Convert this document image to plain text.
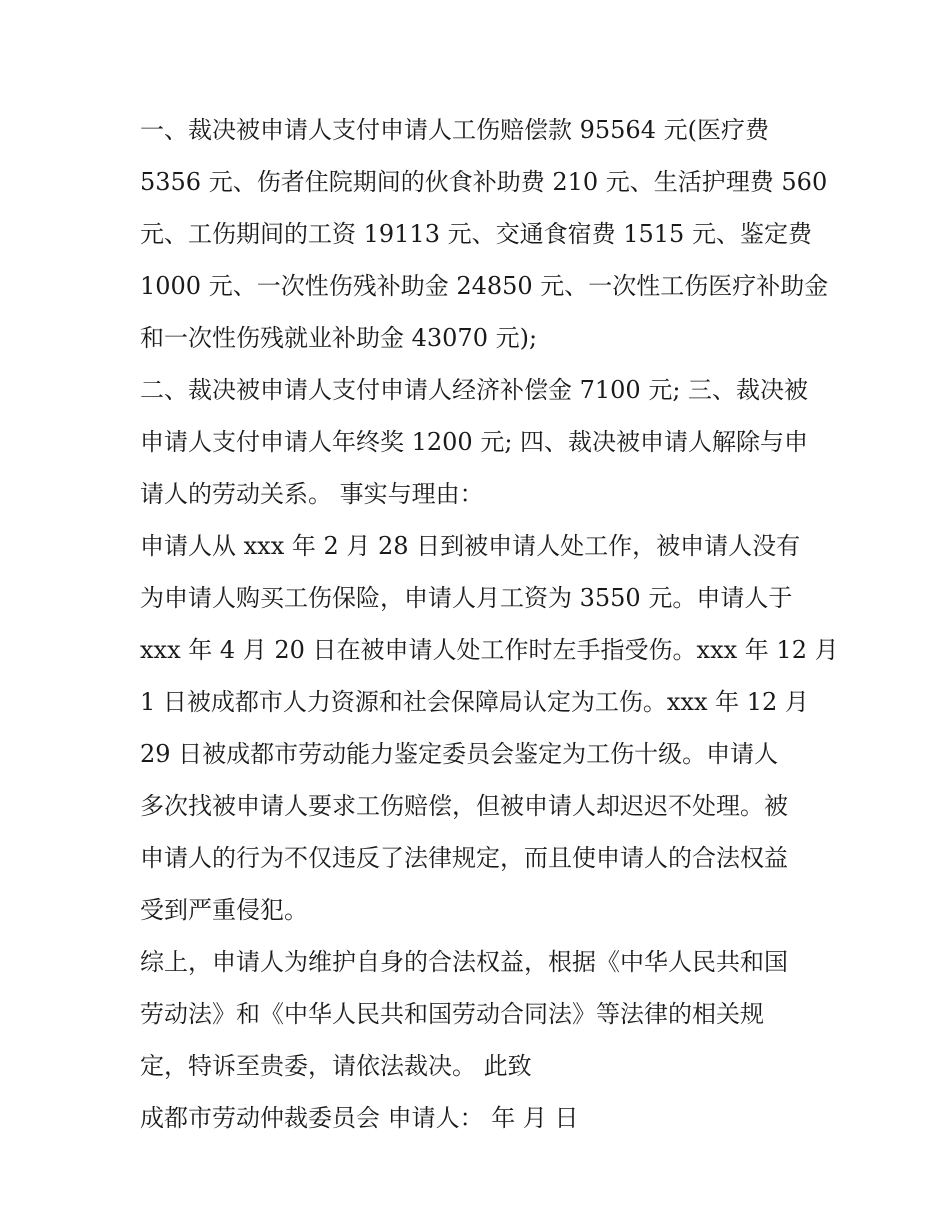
一、裁决被申请人支付申请人工伤赔偿款 95564 元(医疗费
5356 元、伤者住院期间的伙食补助费 210 元、生活护理费 560
元、工伤期间的工资 19113 元、交通食宿费 1515 元、鉴定费
1000 元、一次性伤残补助金 24850 元、一次性工伤医疗补助金
和一次性伤残就业补助金 43070 元);
二、裁决被申请人支付申请人经济补偿金 7100 元; 三、裁决被
申请人支付申请人年终奖 1200 元; 四、裁决被申请人解除与申
请人的劳动关系。 事实与理由：
申请人从 xxx 年 2 月 28 日到被申请人处工作，被申请人没有
为申请人购买工伤保险，申请人月工资为 3550 元。申请人于
xxx 年 4 月 20 日在被申请人处工作时左手指受伤。xxx 年 12 月
1 日被成都市人力资源和社会保障局认定为工伤。xxx 年 12 月
29 日被成都市劳动能力鉴定委员会鉴定为工伤十级。申请人
多次找被申请人要求工伤赔偿，但被申请人却迟迟不处理。被
申请人的行为不仅违反了法律规定，而且使申请人的合法权益
受到严重侵犯。
综上，申请人为维护自身的合法权益，根据《中华人民共和国
劳动法》和《中华人民共和国劳动合同法》等法律的相关规
定，特诉至贵委，请依法裁决。 此致
成都市劳动仲裁委员会 申请人： 年 月 日
